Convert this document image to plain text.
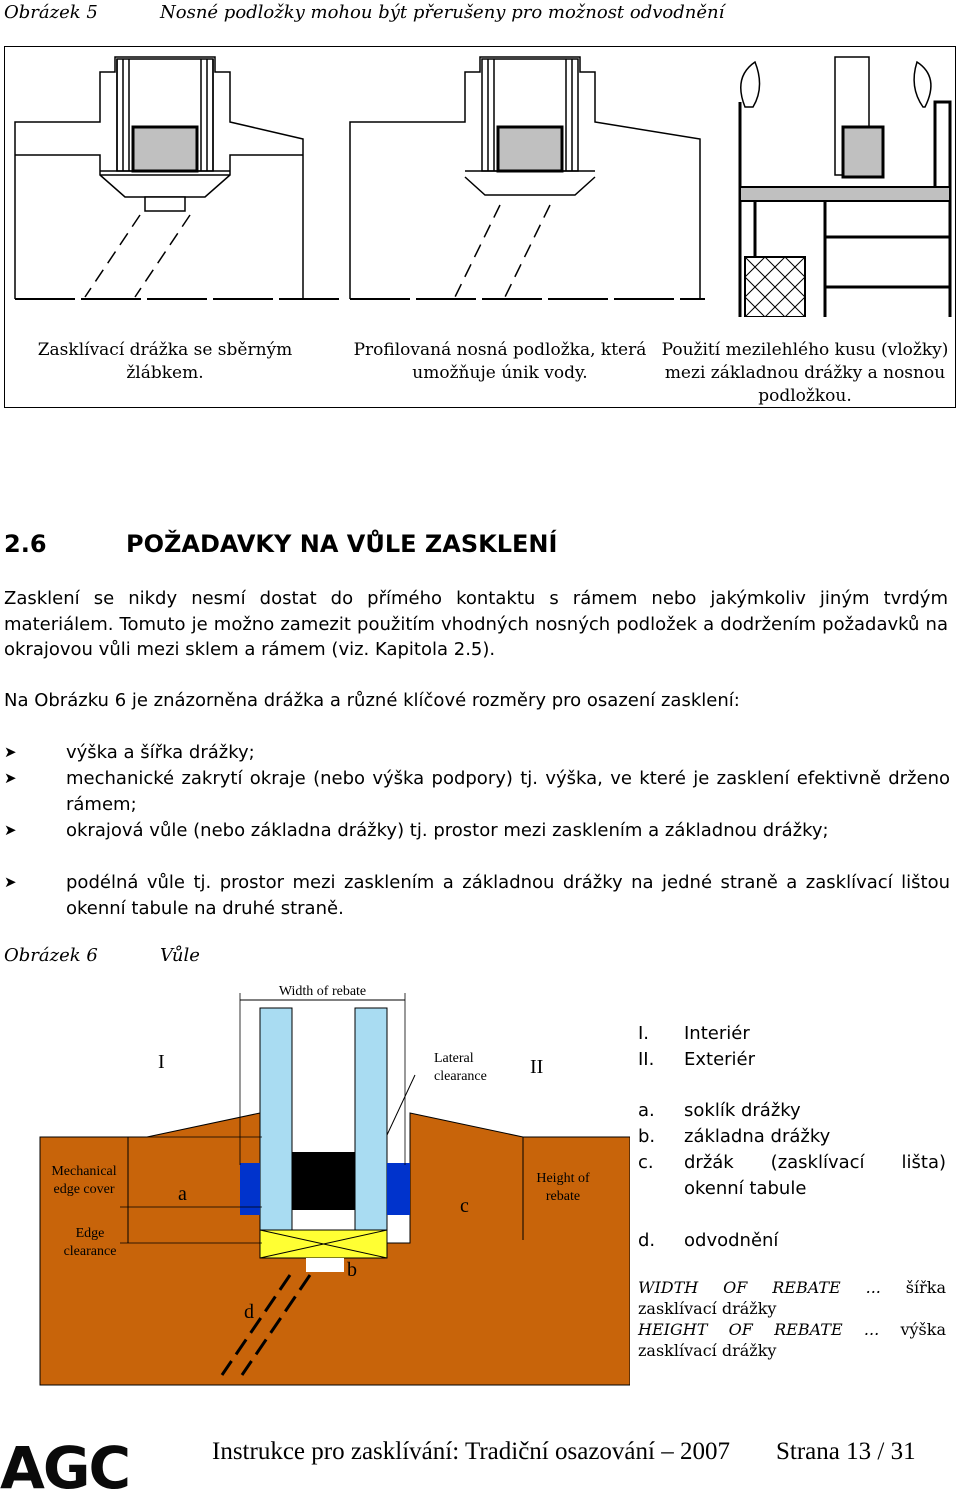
Obrázek 5	Nosné podložky mohou být přerušeny pro možnost odvodnění
Zasklívací drážka se sběrným žlábkem.
Profilovaná nosná podložka, která umožňuje únik vody.
Použití mezilehlého kusu (vložky) mezi základnou drážky a nosnou podložkou.
2.6	POŽADAVKY NA VŮLE ZASKLENÍ
Zasklení se nikdy nesmí dostat do přímého kontaktu s rámem nebo jakýmkoliv jiným tvrdým materiálem. Tomuto je možno zamezit použitím vhodných nosných podložek a dodržením požadavků na okrajovou vůli mezi sklem a rámem (viz. Kapitola 2.5).
Na Obrázku 6 je znázorněna drážka a různé klíčové rozměry pro osazení zasklení:
➤	výška a šířka drážky;
➤	mechanické zakrytí okraje (nebo výška podpory) tj. výška, ve které je zasklení efektivně drženo rámem;
➤	okrajová vůle (nebo základna drážky) tj. prostor mezi zasklením a základnou drážky;
➤	podélná vůle tj. prostor mezi zasklením a základnou drážky na jedné straně a zasklívací lištou okenní tabule na druhé straně.
Obrázek 6	Vůle
Width of rebate
Lateral clearance
Mechanical edge cover
Edge clearance
Height of rebate
I	II
a
b
c
d
I. Interiér
II. Exteriér
a. soklík drážky
b. základna drážky
c. držák (zasklívací lišta) okenní tabule
d. odvodnění
WIDTH OF REBATE ... šířka zasklívací drážky
HEIGHT OF REBATE ... výška zasklívací drážky
AGC	Instrukce pro zasklívání: Tradiční osazování – 2007 Strana 13 / 31
